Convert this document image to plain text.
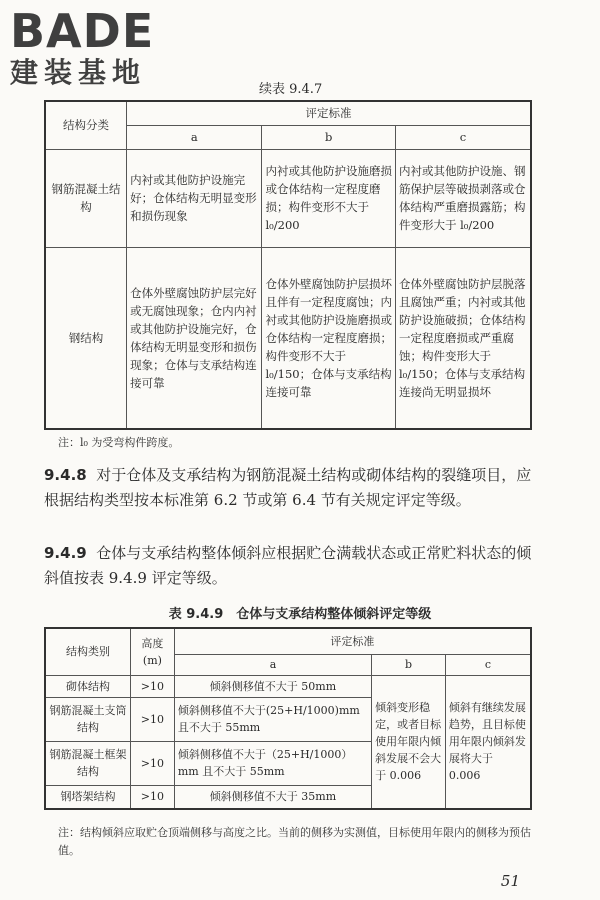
BADE
建装基地
续表 9.4.7
结构分类	评定标准		
	a	b	c
钢筋混凝土结构	内衬或其他防护设施完好；仓体结构无明显变形和损伤现象	内衬或其他防护设施磨损或仓体结构一定程度磨损；构件变形不大于 l₀/200	内衬或其他防护设施、钢筋保护层等破损剥落或仓体结构严重磨损露筋；构件变形大于 l₀/200
钢结构	仓体外壁腐蚀防护层完好或无腐蚀现象；仓内内衬或其他防护设施完好，仓体结构无明显变形和损伤现象；仓体与支承结构连接可靠	仓体外壁腐蚀防护层损坏且伴有一定程度腐蚀；内衬或其他防护设施磨损或仓体结构一定程度磨损；构件变形不大于 l₀/150；仓体与支承结构连接可靠	仓体外壁腐蚀防护层脱落且腐蚀严重；内衬或其他防护设施破损；仓体结构一定程度磨损或严重腐蚀；构件变形大于 l₀/150；仓体与支承结构连接尚无明显损坏
注：l₀ 为受弯构件跨度。
9.4.8 对于仓体及支承结构为钢筋混凝土结构或砌体结构的裂缝项目，应根据结构类型按本标准第 6.2 节或第 6.4 节有关规定评定等级。
9.4.9 仓体与支承结构整体倾斜应根据贮仓满载状态或正常贮料状态的倾斜值按表 9.4.9 评定等级。
表 9.4.9　仓体与支承结构整体倾斜评定等级
结构类别	高度(m)	评定标准		
		a	b	c
砌体结构	>10	倾斜侧移值不大于 50mm	倾斜变形稳定，或者目标使用年限内倾斜发展不会大于 0.006	倾斜有继续发展趋势，且目标使用年限内倾斜发展将大于 0.006
钢筋混凝土支筒结构	>10	倾斜侧移值不大于(25+H/1000)mm 且不大于 55mm		
钢筋混凝土框架结构	>10	倾斜侧移值不大于（25+H/1000）mm 且不大于 55mm		
钢塔架结构	>10	倾斜侧移值不大于 35mm		
注：结构倾斜应取贮仓顶端侧移与高度之比。当前的侧移为实测值，目标使用年限内的侧移为预估值。
51
